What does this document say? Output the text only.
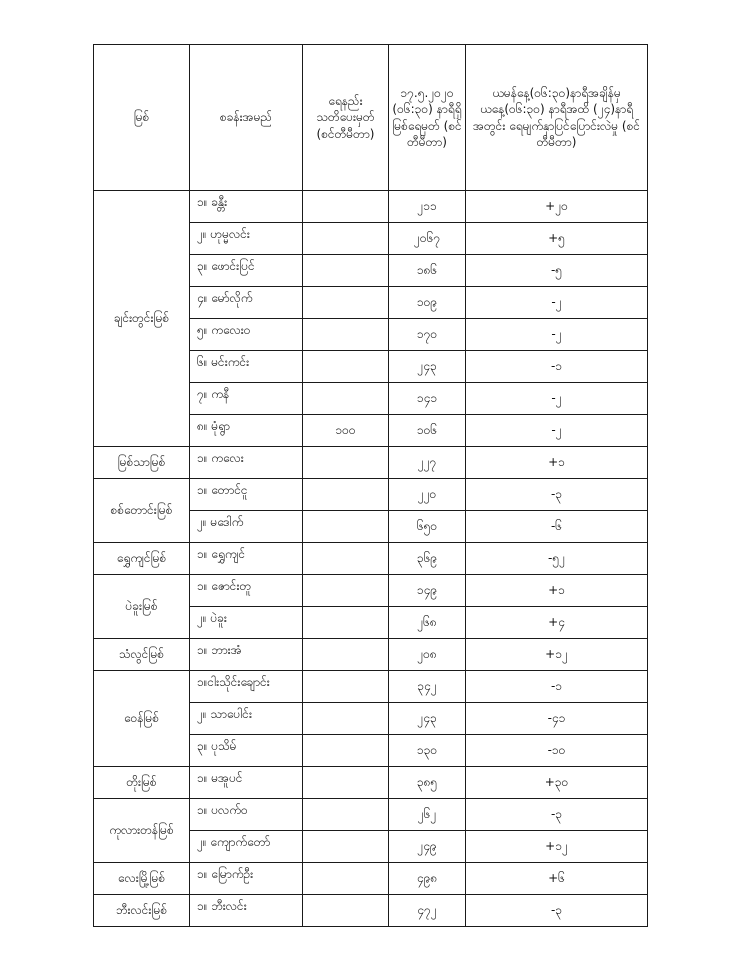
မြစ်	စခန်းအမည်	ရေနည်း သတိပေးမှတ် (စင်တီမီတာ)	၁၇.၅.၂၀၂၀ (၀၆:၃၀) နာရီရှိ မြစ်ရေမှတ် (စင်တီမီတာ)	ယမန်နေ့(၀၆:၃၀)နာရီအချိန်မှ ယနေ့(၀၆:၃၀) နာရီအထိ (၂၄)နာရီအတွင်း ရေမျက်နှာပြင်ပြောင်းလဲမှု (စင်တီမီတာ)
ချင်းတွင်းမြစ်	၁။ ခန္တီး		၂၁၁	+၂၀
	၂။ ဟုမ္မလင်း		၂၀၆၇	+၅
	၃။ ဖောင်းပြင်		၁၈၆	-၅
	၄။ မော်လိုက်		၁၀၉	-၂
	၅။ ကလေးဝ		၁၇၀	-၂
	၆။ မင်းကင်း		၂၄၃	-၁
	၇။ ကနီ		၁၄၁	-၂
	၈။ မုံရွာ	၁၀၀	၁၀၆	-၂
မြစ်သာမြစ်	၁။ ကလေး		၂၂၇	+၁
စစ်တောင်းမြစ်	၁။ တောင်ငူ		၂၂၀	-၃
	၂။ မဒေါက်		၆၅၀	-၆
ရွှေကျင်မြစ်	၁။ ရွှေကျင်		၃၆၉	-၅၂
ပဲခူးမြစ်	၁။ ဇောင်းတူ		၁၄၉	+၁
	၂။ ပဲခူး		၂၆၈	+၄
သံလွင်မြစ်	၁။ ဘားအံ		၂၀၈	+၁၂
ဝေန်မြစ်	၁။ငါးသိုင်းချောင်း		၃၄၂	-၁
	၂။ သာပေါင်း		၂၄၃	-၄၁
	၃။ ပုသိမ်		၁၃၀	-၁၀
တိုးမြစ်	၁။ မအူပင်		၃၈၅	+၃၀
ကုလားတန်မြစ်	၁။ ပလက်ဝ		၂၆၂	-၃
	၂။ ကျောက်တော်		၂၄၉	+၁၂
လေးမြို့မြစ်	၁။ မြောက်ဦး		၄၉၈	+၆
ဘီးလင်းမြစ်	၁။ ဘီးလင်း		၄၇၂	-၃
